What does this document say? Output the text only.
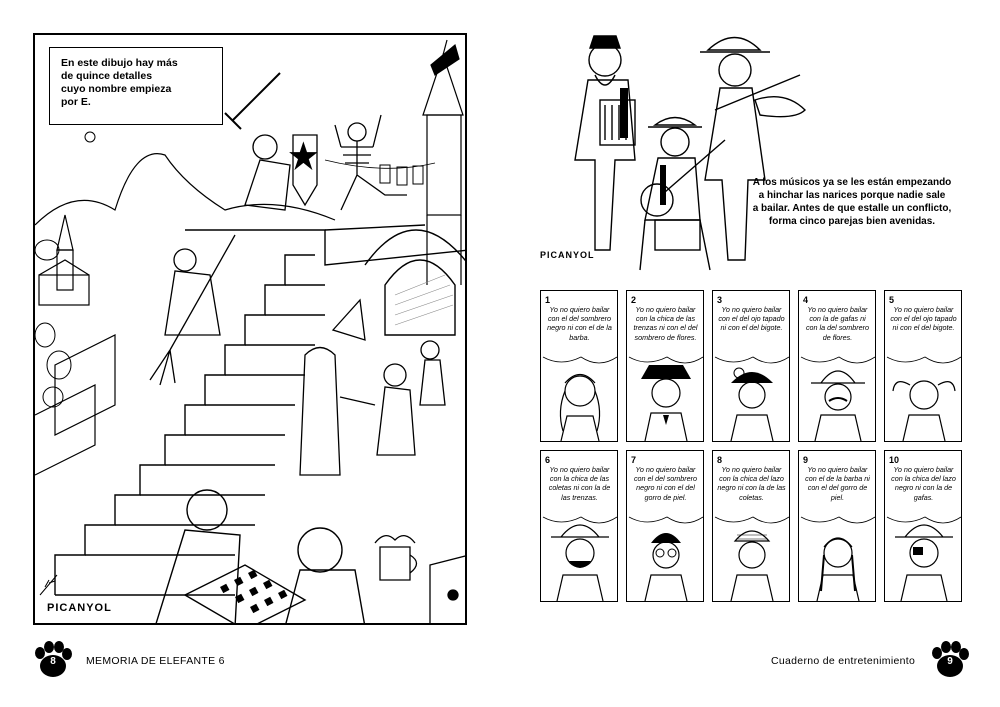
En este dibujo hay más
de quince detalles
cuyo nombre empieza
por E.
PICANYOL
PICANYOL
A los músicos ya se les están empezando
a hinchar las narices porque nadie sale
a bailar. Antes de que estalle un conflicto,
forma cinco parejas bien avenidas.
1
Yo no quiero bailar con el del sombrero negro ni con el de la barba.
2
Yo no quiero bailar con la chica de las trenzas ni con el del sombrero de flores.
3
Yo no quiero bailar con el del ojo tapado ni con el del bigote.
4
Yo no quiero bailar con la de gafas ni con la del sombrero de flores.
5
Yo no quiero bailar con el del ojo tapado ni con el del bigote.
6
Yo no quiero bailar con la chica de las coletas ni con la de las trenzas.
7
Yo no quiero bailar con el del sombrero negro ni con el del gorro de piel.
8
Yo no quiero bailar con la chica del lazo negro ni con la de las coletas.
9
Yo no quiero bailar con el de la barba ni con el del gorro de piel.
10
Yo no quiero bailar con la chica del lazo negro ni con la de gafas.
8	MEMORIA DE ELEFANTE 6	Cuaderno de entretenimiento	9
